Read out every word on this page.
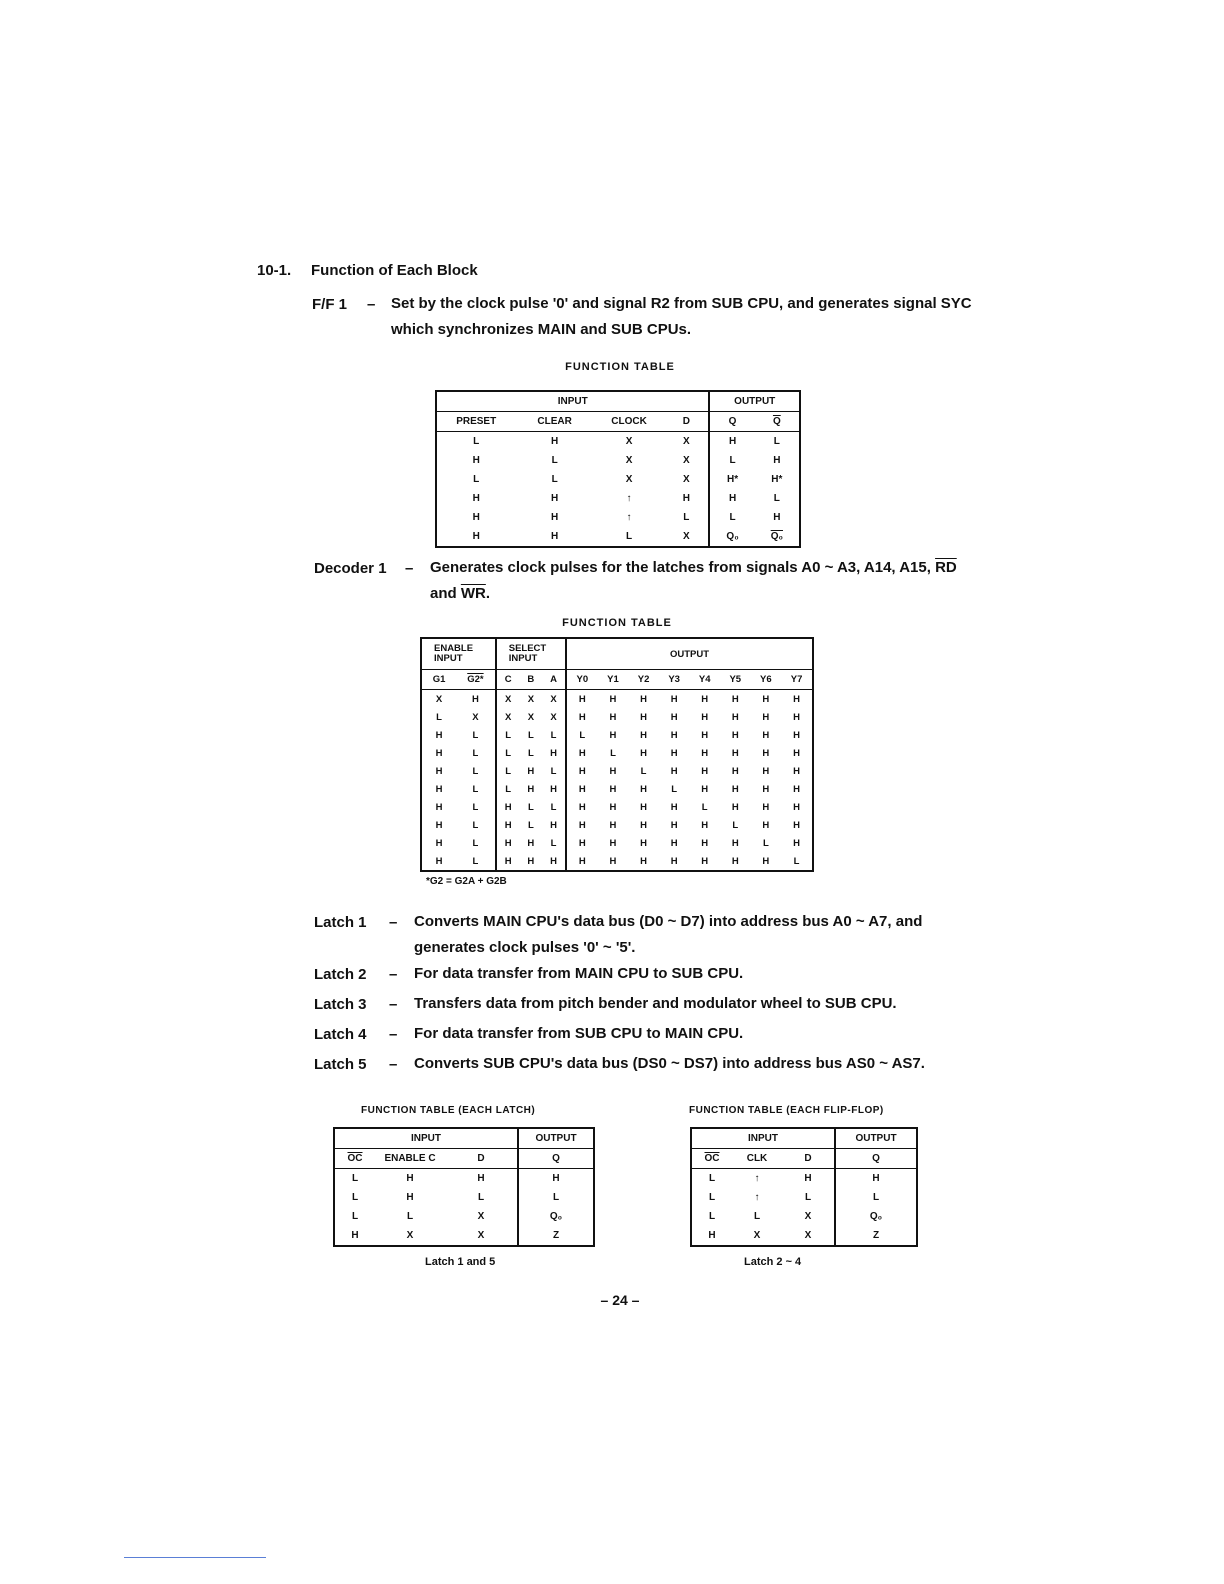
10-1. Function of Each Block
F/F 1 – Set by the clock pulse '0' and signal R2 from SUB CPU, and generates signal SYC
which synchronizes MAIN and SUB CPUs.
FUNCTION TABLE
INPUT				OUTPUT	
PRESET	CLEAR	CLOCK	D	Q	$\overline{Q}$
L	H	X	X	H	L
H	L	X	X	L	H
L	L	X	X	H*	H*
H	H	↑	H	H	L
H	H	↑	L	L	H
H	H	L	X	Q₀	Q₀
Decoder 1 – Generates clock pulses for the latches from signals A0 ~ A3, A14, A15, $\overline{RD}$
and $\overline{WR}$.
FUNCTION TABLE
ENABLE INPUT		SELECT INPUT			OUTPUT							
G1	G2*	C	B	A	Y0	Y1	Y2	Y3	Y4	Y5	Y6	Y7
X	H	X	X	X	H	H	H	H	H	H	H	H
L	X	X	X	X	H	H	H	H	H	H	H	H
H	L	L	L	L	L	H	H	H	H	H	H	H
H	L	L	L	H	H	L	H	H	H	H	H	H
H	L	L	H	L	H	H	L	H	H	H	H	H
H	L	L	H	H	H	H	H	L	H	H	H	H
H	L	H	L	L	H	H	H	H	L	H	H	H
H	L	H	L	H	H	H	H	H	H	L	H	H
H	L	H	H	L	H	H	H	H	H	H	L	H
H	L	H	H	H	H	H	H	H	H	H	H	L
*G2 = G2A + G2B
Latch 1 – Converts MAIN CPU's data bus (D0 ~ D7) into address bus A0 ~ A7, and
generates clock pulses '0' ~ '5'.
Latch 2 – For data transfer from MAIN CPU to SUB CPU.
Latch 3 – Transfers data from pitch bender and modulator wheel to SUB CPU.
Latch 4 – For data transfer from SUB CPU to MAIN CPU.
Latch 5 – Converts SUB CPU's data bus (DS0 ~ DS7) into address bus AS0 ~ AS7.
FUNCTION TABLE (EACH LATCH)
INPUT			OUTPUT
$\overline{OC}$	ENABLE C	D	Q
L	H	H	H
L	H	L	L
L	L	X	Q₀
H	X	X	Z
Latch 1 and 5
FUNCTION TABLE (EACH FLIP-FLOP)
INPUT			OUTPUT
$\overline{OC}$	CLK	D	Q
L	↑	H	H
L	↑	L	L
L	L	X	Q₀
H	X	X	Z
Latch 2 ~ 4
– 24 –
